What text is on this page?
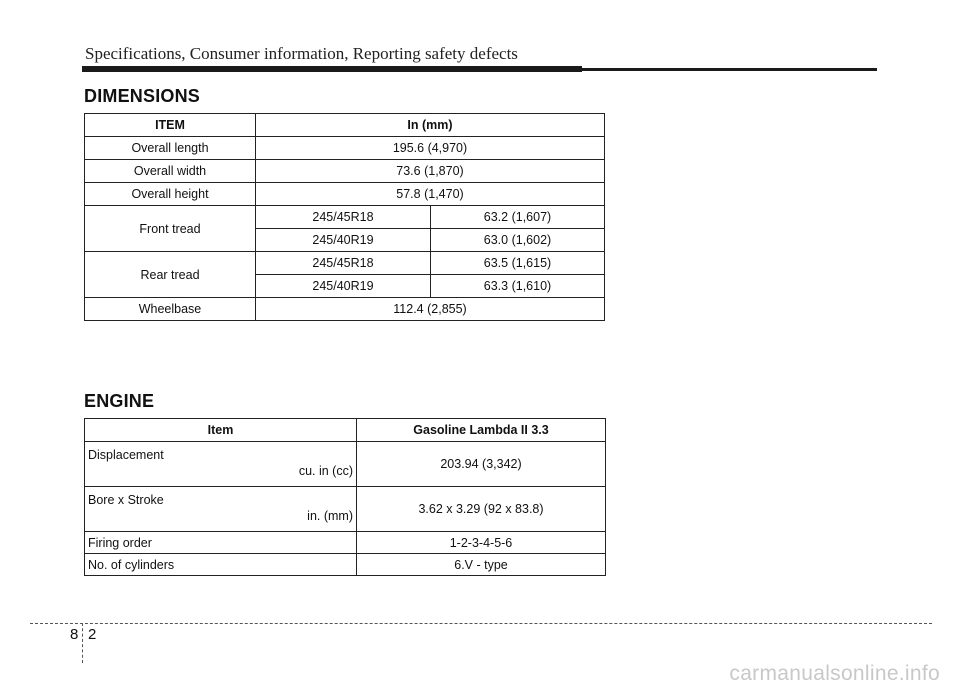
Specifications, Consumer information, Reporting safety defects
DIMENSIONS
ITEM	In (mm)	
Overall length	195.6 (4,970)	
Overall width	73.6 (1,870)	
Overall height	57.8 (1,470)	
Front tread	245/45R18	63.2 (1,607)
	245/40R19	63.0 (1,602)
Rear tread	245/45R18	63.5 (1,615)
	245/40R19	63.3 (1,610)
Wheelbase	112.4 (2,855)	
ENGINE
Item	Gasoline Lambda II 3.3

Displacement
cu. in (cc)	203.94 (3,342)

Bore x Stroke
in. (mm)	3.62 x 3.29 (92 x 83.8)
Firing order	1-2-3-4-5-6
No. of cylinders	6.V - type
8 2
carmanualsonline.info
